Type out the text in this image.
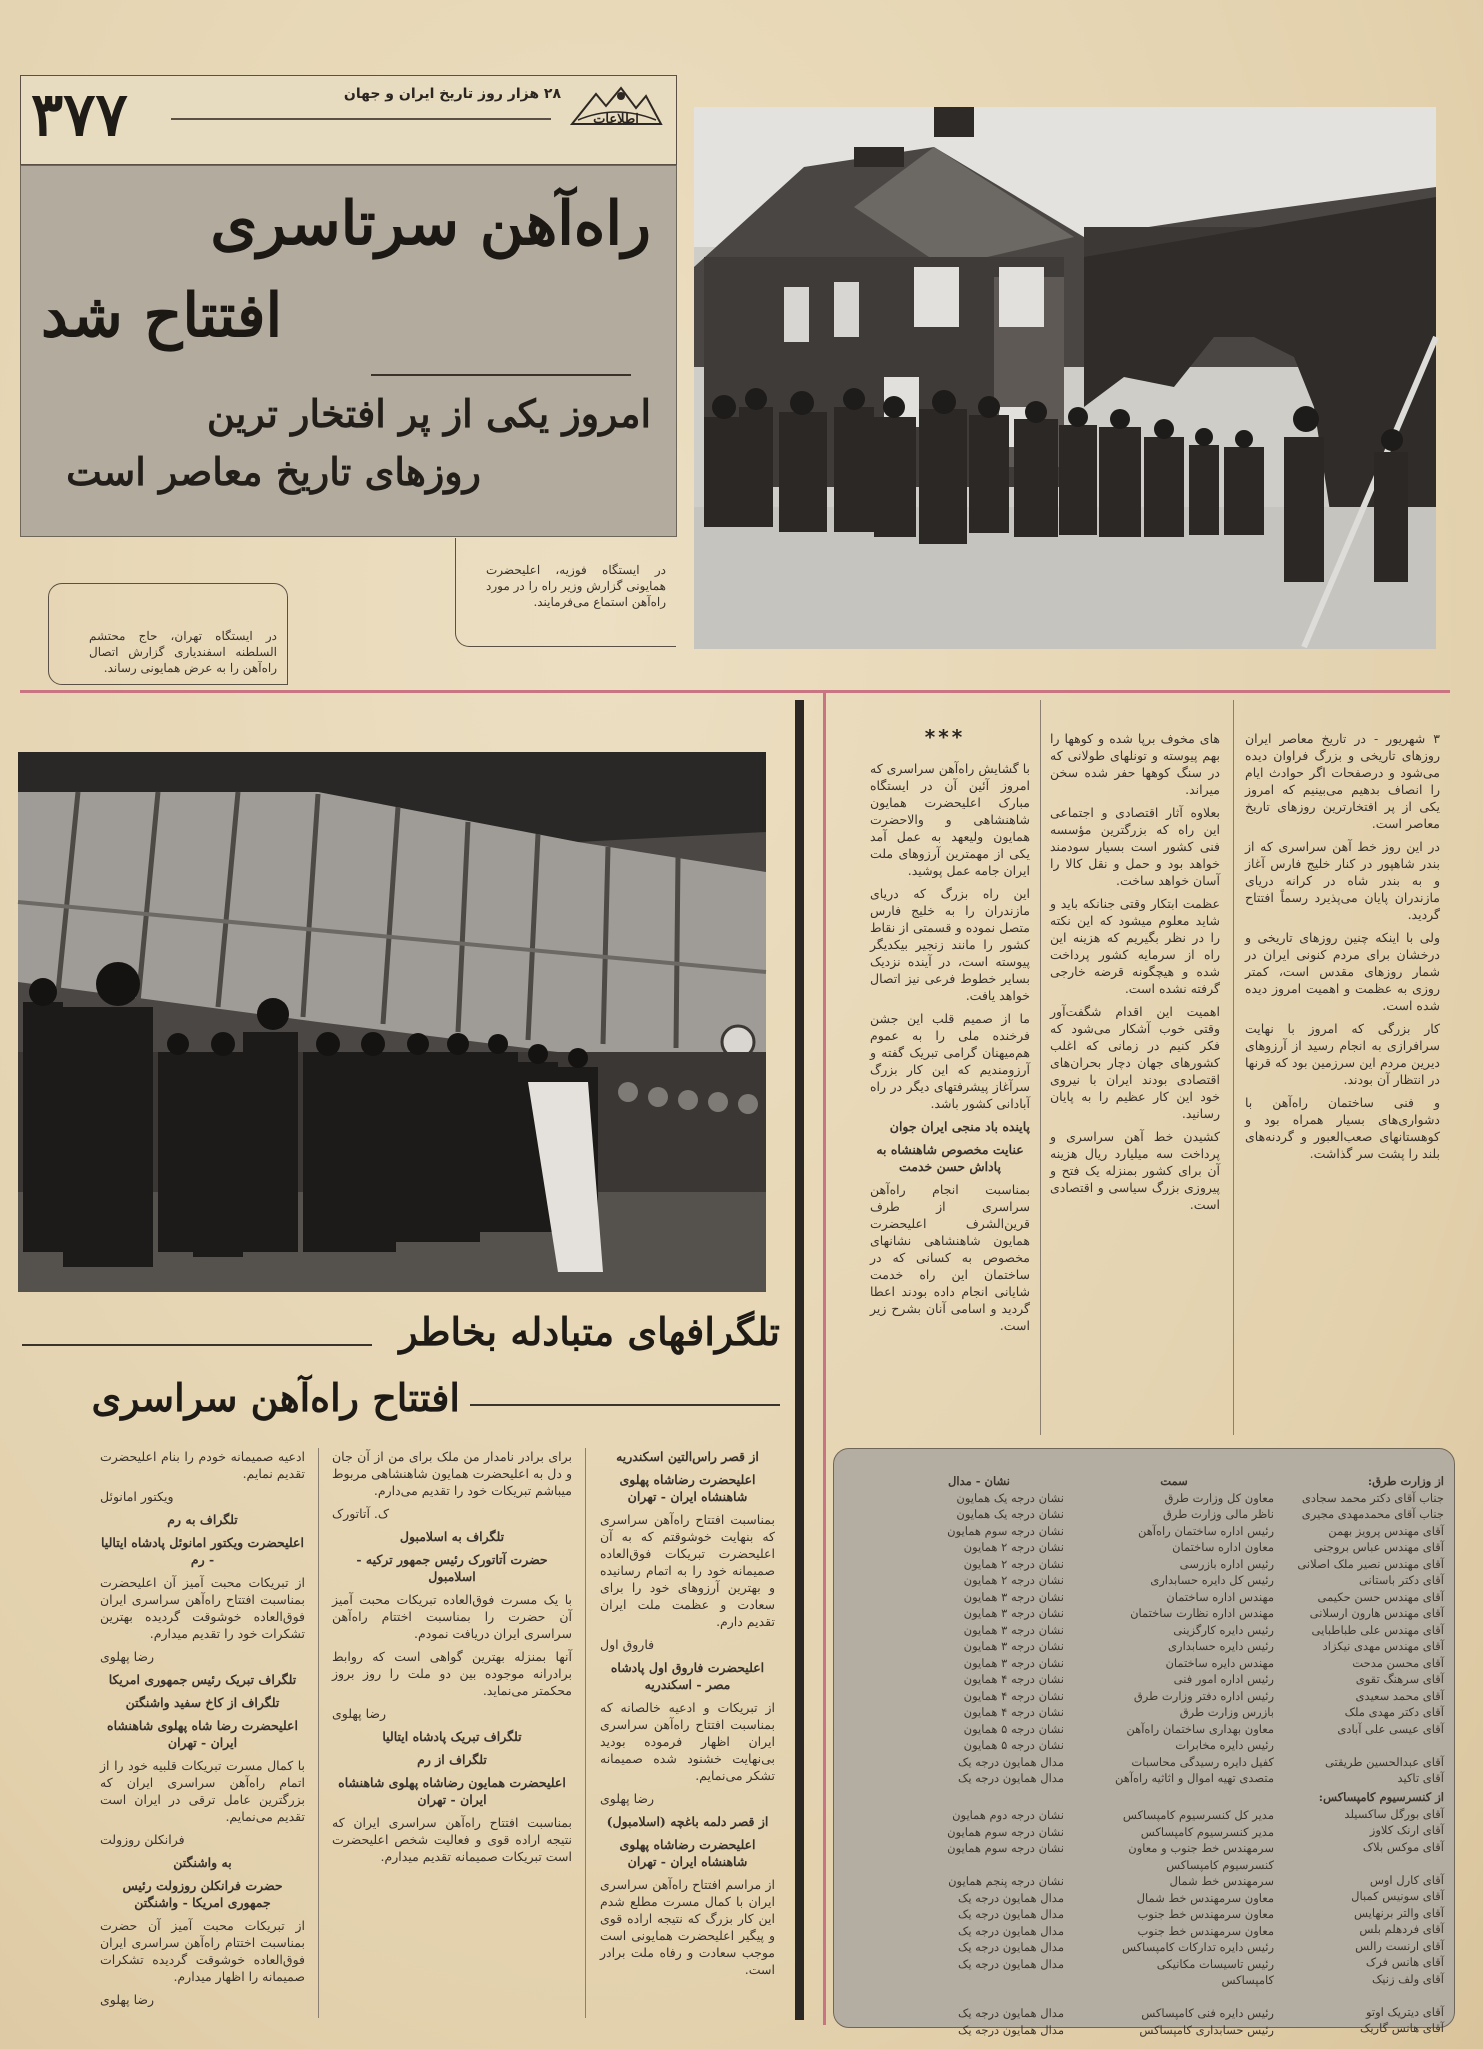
۳۷۷	۲۸ هزار روز تاریخ ایران و جهان
اطلاعات
راه‌آهن سرتاسری
افتتاح شد
امروز یکی از پر افتخار ترین
روزهای تاریخ معاصر است
در ایستگاه فوزیه، اعلیحضرت همایونی گزارش وزیر راه را در مورد راه‌آهن استماع می‌فرمایند.
در ایستگاه تهران، حاج محتشم السلطنه اسفندیاری گزارش اتصال راه‌آهن را به عرض همایونی رساند.
تلگرافهای متبادله بخاطر
افتتاح راه‌آهن سراسری

از قصر راس‌التین اسکندریه

اعلیحضرت رضاشاه پهلوی شاهنشاه ایران - تهران

بمناسبت افتتاح راه‌آهن سراسری که بنهایت خوشوقتم که به آن اعلیحضرت تبریکات فوق‌العاده صمیمانه خود را به اتمام رسانیده و بهترین آرزوهای خود را برای سعادت و عظمت ملت ایران تقدیم دارم.

فاروق اول

اعلیحضرت فاروق اول پادشاه مصر - اسکندریه

از تبریکات و ادعیه خالصانه که بمناسبت افتتاح راه‌آهن سراسری ایران اظهار فرموده بودید بی‌نهایت خشنود شده صمیمانه تشکر می‌نمایم.

رضا پهلوی

از قصر دلمه باغچه (اسلامبول)

اعلیحضرت رضاشاه پهلوی شاهنشاه ایران - تهران

از مراسم افتتاح راه‌آهن سراسری ایران با کمال مسرت مطلع شدم این کار بزرگ که نتیجه اراده قوی و پیگیر اعلیحضرت همایونی است موجب سعادت و رفاه ملت برادر است.

برای برادر نامدار من ملک برای من از آن جان و دل به اعلیحضرت همایون شاهنشاهی مربوط میباشم تبریکات خود را تقدیم می‌دارم.

ک. آتاتورک

تلگراف به اسلامبول

حضرت آتاتورک رئیس جمهور ترکیه - اسلامبول

با یک مسرت فوق‌العاده تبریکات محبت آمیز آن حضرت را بمناسبت اختتام راه‌آهن سراسری ایران دریافت نمودم.

آنها بمنزله بهترین گواهی است که روابط برادرانه موجوده بین دو ملت را روز بروز محکمتر می‌نماید.

رضا پهلوی

تلگراف تبریک پادشاه ایتالیا

تلگراف از رم

اعلیحضرت همایون رضاشاه پهلوی شاهنشاه ایران - تهران

بمناسبت افتتاح راه‌آهن سراسری ایران که نتیجه اراده قوی و فعالیت شخص اعلیحضرت است تبریکات صمیمانه تقدیم میدارم.

ادعیه صمیمانه خودم را بنام اعلیحضرت تقدیم نمایم.

ویکتور امانوئل

تلگراف به رم

اعلیحضرت ویکتور امانوئل پادشاه ایتالیا - رم

از تبریکات محبت آمیز آن اعلیحضرت بمناسبت افتتاح راه‌آهن سراسری ایران فوق‌العاده خوشوقت گردیده بهترین تشکرات خود را تقدیم میدارم.

رضا پهلوی

تلگراف تبریک رئیس جمهوری امریکا

تلگراف از کاخ سفید واشنگتن

اعلیحضرت رضا شاه پهلوی شاهنشاه ایران - تهران

با کمال مسرت تبریکات قلبیه خود را از اتمام راه‌آهن سراسری ایران که بزرگترین عامل ترقی در ایران است تقدیم می‌نمایم.

فرانکلن روزولت

به واشنگتن

حضرت فرانکلن روزولت رئیس جمهوری امریکا - واشنگتن

از تبریکات محبت آمیز آن حضرت بمناسبت اختتام راه‌آهن سراسری ایران فوق‌العاده خوشوقت گردیده تشکرات صمیمانه را اظهار میدارم.

رضا پهلوی

۳ شهریور - در تاریخ معاصر ایران روزهای تاریخی و بزرگ فراوان دیده می‌شود و درصفحات اگر حوادث ایام را انصاف بدهیم می‌بینیم که امروز یکی از پر افتخارترین روزهای تاریخ معاصر است.

در این روز خط آهن سراسری که از بندر شاهپور در کنار خلیج فارس آغاز و به بندر شاه در کرانه دریای مازندران پایان می‌پذیرد رسماً افتتاح گردید.

ولی با اینکه چنین روزهای تاریخی و درخشان برای مردم کنونی ایران در شمار روزهای مقدس است، کمتر روزی به عظمت و اهمیت امروز دیده شده است.

کار بزرگی که امروز با نهایت سرافرازی به انجام رسید از آرزوهای دیرین مردم این سرزمین بود که قرنها در انتظار آن بودند.

و فنی ساختمان راه‌آهن با دشواری‌های بسیار همراه بود و کوهستانهای صعب‌العبور و گردنه‌های بلند را پشت سر گذاشت.

های مخوف برپا شده و کوهها را بهم پیوسته و تونلهای طولانی که در سنگ کوهها حفر شده سخن میراند.

بعلاوه آثار اقتصادی و اجتماعی این راه که بزرگترین مؤسسه فنی کشور است بسیار سودمند خواهد بود و حمل و نقل کالا را آسان خواهد ساخت.

عظمت ابتکار وقتی جنانکه باید و شاید معلوم میشود که این نکته را در نظر بگیریم که هزینه این راه از سرمایه کشور پرداخت شده و هیچگونه قرضه خارجی گرفته نشده است.

اهمیت این اقدام شگفت‌آور وقتی خوب آشکار می‌شود که فکر کنیم در زمانی که اغلب کشورهای جهان دچار بحران‌های اقتصادی بودند ایران با نیروی خود این کار عظیم را به پایان رسانید.

کشیدن خط آهن سراسری و پرداخت سه میلیارد ریال هزینه آن برای کشور بمنزله یک فتح و پیروزی بزرگ سیاسی و اقتصادی است.

***

با گشایش راه‌آهن سراسری که امروز آئین آن در ایستگاه مبارک اعلیحضرت همایون شاهنشاهی و والاحضرت همایون ولیعهد به عمل آمد یکی از مهمترین آرزوهای ملت ایران جامه عمل پوشید.

این راه بزرگ که دریای مازندران را به خلیج فارس متصل نموده و قسمتی از نقاط کشور را مانند زنجیر بیکدیگر پیوسته است، در آینده نزدیک بسایر خطوط فرعی نیز اتصال خواهد یافت.

ما از صمیم قلب این جشن فرخنده ملی را به عموم هم‌میهنان گرامی تبریک گفته و آرزومندیم که این کار بزرگ سرآغاز پیشرفتهای دیگر در راه آبادانی کشور باشد.

پاینده باد منجی ایران جوان

عنایت مخصوص شاهنشاه به پاداش حسن خدمت

بمناسبت انجام راه‌آهن سراسری از طرف قرین‌الشرف اعلیحضرت همایون شاهنشاهی نشانهای مخصوص به کسانی که در ساختمان این راه خدمت شایانی انجام داده بودند اعطا گردید و اسامی آنان بشرح زیر است.

از وزارت طرق:
جناب آقای دکتر محمد سجادی
جناب آقای محمدمهدی مجیری
آقای مهندس پرویز بهمن
آقای مهندس عباس بروجنی
آقای مهندس نصیر ملک اصلانی
آقای دکتر باستانی
آقای مهندس حسن حکیمی
آقای مهندس هارون ارسلانی
آقای مهندس علی طباطبایی
آقای مهندس مهدی نیکزاد
آقای محسن مدحت
آقای سرهنگ تقوی
آقای محمد سعیدی
آقای دکتر مهدی ملک
آقای عیسی علی آبادی

آقای عبدالحسین طریقتی
آقای تاکید
سمت
معاون کل وزارت طرق
ناظر مالی وزارت طرق
رئیس اداره ساختمان راه‌آهن
معاون اداره ساختمان
رئیس اداره بازرسی
رئیس کل دایره حسابداری
مهندس اداره ساختمان
مهندس اداره نظارت ساختمان
رئیس دایره کارگزینی
رئیس دایره حسابداری
مهندس دایره ساختمان
رئیس اداره امور فنی
رئیس اداره دفتر وزارت طرق
بازرس وزارت طرق
معاون بهداری ساختمان راه‌آهن
رئیس دایره مخابرات
کفیل دایره رسیدگی محاسبات
متصدی تهیه اموال و اثاثیه راه‌آهن
نشان - مدال
نشان درجه یک همایون
نشان درجه یک همایون
نشان درجه سوم همایون
نشان درجه ۲ همایون
نشان درجه ۲ همایون
نشان درجه ۲ همایون
نشان درجه ۳ همایون
نشان درجه ۳ همایون
نشان درجه ۳ همایون
نشان درجه ۳ همایون
نشان درجه ۳ همایون
نشان درجه ۴ همایون
نشان درجه ۴ همایون
نشان درجه ۴ همایون
نشان درجه ۵ همایون
نشان درجه ۵ همایون
مدال همایون درجه یک
مدال همایون درجه یک
از کنسرسیوم کامپساکس:
آقای بورگل ساکسیلد
آقای ارنک کلاوز
آقای موکس بلاک

آقای کارل اوس
آقای سونیس کمبال
آقای والتر برنهایس
آقای فردهلم بلس
آقای ارنست رالس
آقای هانس فرک
آقای ولف زنیک

آقای دیتریک اوتو
آقای هانس گاریک
مدیر کل کنسرسیوم کامپساکس
مدیر کنسرسیوم کامپساکس
سرمهندس خط جنوب و معاون
کنسرسیوم کامپساکس
سرمهندس خط شمال
معاون سرمهندس خط شمال
معاون سرمهندس خط جنوب
معاون سرمهندس خط جنوب
رئیس دایره تدارکات کامپساکس
رئیس تاسیسات مکانیکی
کامپساکس

رئیس دایره فنی کامپساکس
رئیس حسابداری کامپساکس
نشان درجه دوم همایون
نشان درجه سوم همایون
نشان درجه سوم همایون

نشان درجه پنجم همایون
مدال همایون درجه یک
مدال همایون درجه یک
مدال همایون درجه یک
مدال همایون درجه یک
مدال همایون درجه یک

مدال همایون درجه یک
مدال همایون درجه یک
